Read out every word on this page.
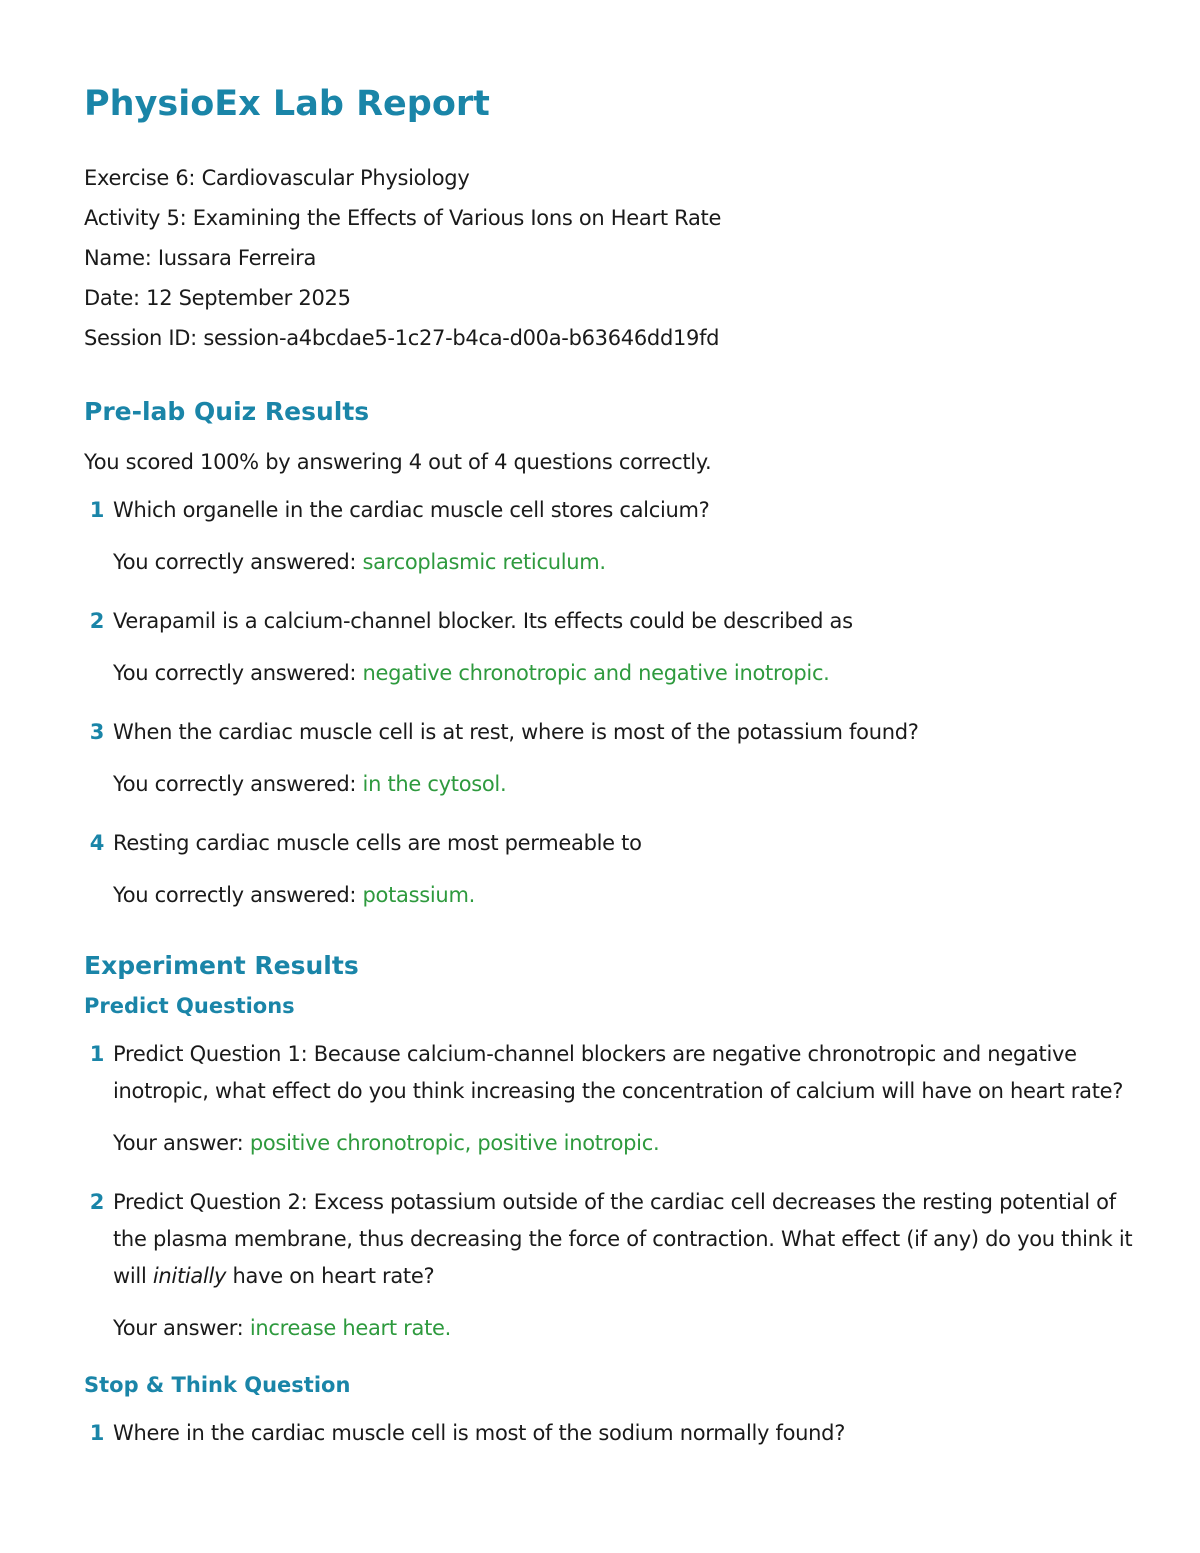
PhysioEx Lab Report

Exercise 6: Cardiovascular Physiology

Activity 5: Examining the Effects of Various Ions on Heart Rate

Name: Iussara Ferreira

Date: 12 September 2025

Session ID: session-a4bcdae5-1c27-b4ca-d00a-b63646dd19fd

Pre-lab Quiz Results

You scored 100% by answering 4 out of 4 questions correctly.

1 Which organelle in the cardiac muscle cell stores calcium?

You correctly answered: sarcoplasmic reticulum.

2 Verapamil is a calcium-channel blocker. Its effects could be described as

You correctly answered: negative chronotropic and negative inotropic.

3 When the cardiac muscle cell is at rest, where is most of the potassium found?

You correctly answered: in the cytosol.

4 Resting cardiac muscle cells are most permeable to

You correctly answered: potassium.

Experiment Results
Predict Questions
1 Predict Question 1: Because calcium-channel blockers are negative chronotropic and negative inotropic, what effect do you think increasing the concentration of calcium will have on heart rate?

Your answer: positive chronotropic, positive inotropic.

2 Predict Question 2: Excess potassium outside of the cardiac cell decreases the resting potential of the plasma membrane, thus decreasing the force of contraction. What effect (if any) do you think it will initially have on heart rate?

Your answer: increase heart rate.

Stop & Think Question
1 Where in the cardiac muscle cell is most of the sodium normally found?
